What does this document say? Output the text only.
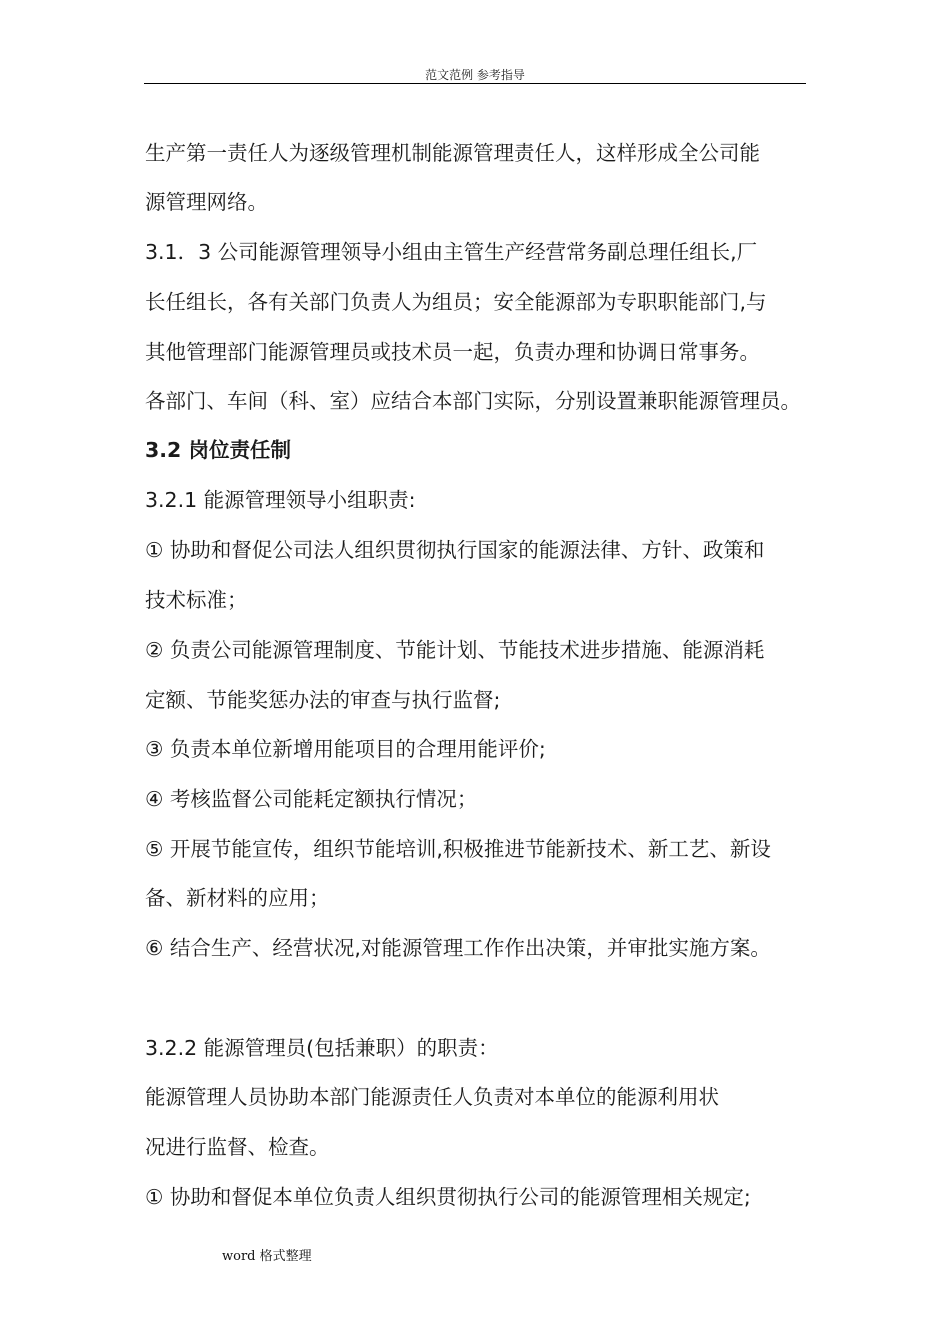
范文范例 参考指导
生产第一责任人为逐级管理机制能源管理责任人，这样形成全公司能
源管理网络。
3.1．3 公司能源管理领导小组由主管生产经营常务副总理任组长,厂
长任组长，各有关部门负责人为组员；安全能源部为专职职能部门,与
其他管理部门能源管理员或技术员一起，负责办理和协调日常事务。
各部门、车间（科、室）应结合本部门实际，分别设置兼职能源管理员。
3.2 岗位责任制
3.2.1 能源管理领导小组职责:
① 协助和督促公司法人组织贯彻执行国家的能源法律、方针、政策和
技术标准；
② 负责公司能源管理制度、节能计划、节能技术进步措施、能源消耗
定额、节能奖惩办法的审查与执行监督;
③ 负责本单位新增用能项目的合理用能评价;
④ 考核监督公司能耗定额执行情况；
⑤ 开展节能宣传，组织节能培训,积极推进节能新技术、新工艺、新设
备、新材料的应用；
⑥ 结合生产、经营状况,对能源管理工作作出决策，并审批实施方案。
3.2.2 能源管理员(包括兼职）的职责：
能源管理人员协助本部门能源责任人负责对本单位的能源利用状
况进行监督、检查。
① 协助和督促本单位负责人组织贯彻执行公司的能源管理相关规定;
word 格式整理
